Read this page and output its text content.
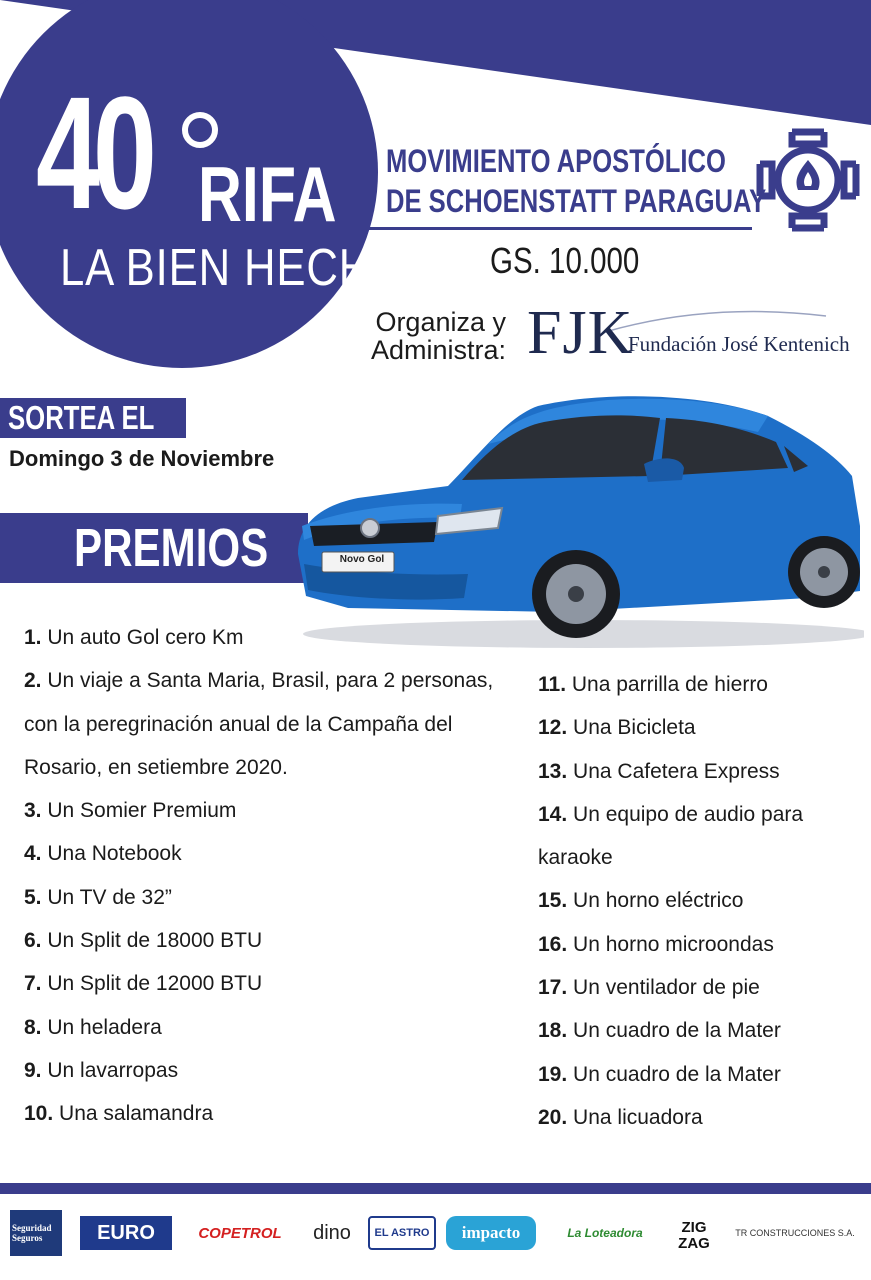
40 RIFA
LA BIEN HECHA
MOVIMIENTO APOSTÓLICO
DE SCHOENSTATT PARAGUAY
GS. 10.000
Organiza y
Administra: FJK
Fundación José Kentenich
SORTEA EL
Domingo 3 de Noviembre
PREMIOS	Novo Gol
1. Un auto Gol cero Km
2. Un viaje a Santa Maria, Brasil, para 2 personas,
con la peregrinación anual de la Campaña del
Rosario, en setiembre 2020.
3. Un Somier Premium
4. Una Notebook
5. Un TV de 32”
6. Un Split de 18000 BTU
7. Un Split de 12000 BTU
8. Un heladera
9. Un lavarropas
10. Una salamandra
11. Una parrilla de hierro
12. Una Bicicleta
13. Una Cafetera Express
14. Un equipo de audio para
karaoke
15. Un horno eléctrico
16. Un horno microondas
17. Un ventilador de pie
18. Un cuadro de la Mater
19. Un cuadro de la Mater
20. Una licuadora
Seguridad Seguros	EURO	COPETROL	dino	EL ASTRO	impacto	La Loteadora	ZIG ZAG
TR CONSTRUCCIONES S.A.
